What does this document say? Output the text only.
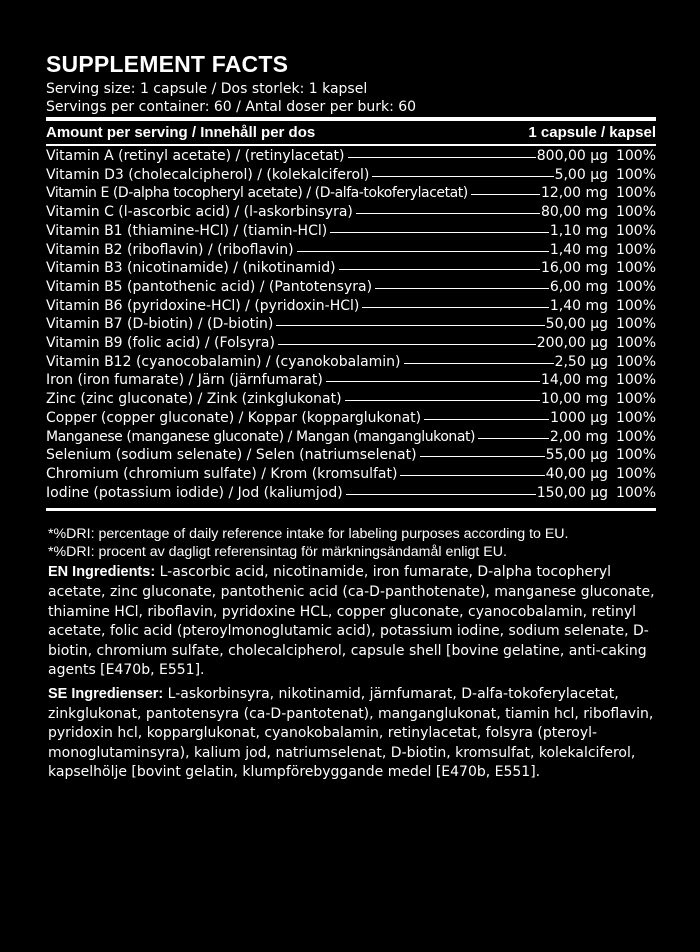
SUPPLEMENT FACTS
Serving size: 1 capsule / Dos storlek: 1 kapsel
Servings per container: 60 / Antal doser per burk: 60
Amount per serving / Innehåll per dos	1 capsule / kapsel
Vitamin A (retinyl acetate) / (retinylacetat)	800,00 µg 100%
Vitamin D3 (cholecalcipherol) / (kolekalciferol)	5,00 µg 100%
Vitamin E (D-alpha tocopheryl acetate) / (D-alfa-tokoferylacetat)	12,00 mg 100%
Vitamin C (l-ascorbic acid) / (l-askorbinsyra)	80,00 mg 100%
Vitamin B1 (thiamine-HCl) / (tiamin-HCl)	1,10 mg 100%
Vitamin B2 (riboflavin) / (riboflavin)	1,40 mg 100%
Vitamin B3 (nicotinamide) / (nikotinamid)	16,00 mg 100%
Vitamin B5 (pantothenic acid) / (Pantotensyra)	6,00 mg 100%
Vitamin B6 (pyridoxine-HCl) / (pyridoxin-HCl)	1,40 mg 100%
Vitamin B7 (D-biotin) / (D-biotin)	50,00 µg 100%
Vitamin B9 (folic acid) / (Folsyra)	200,00 µg 100%
Vitamin B12 (cyanocobalamin) / (cyanokobalamin)	2,50 µg 100%
Iron (iron fumarate) / Järn (järnfumarat)	14,00 mg 100%
Zinc (zinc gluconate) / Zink (zinkglukonat)	10,00 mg 100%
Copper (copper gluconate) / Koppar (kopparglukonat)	1000 µg 100%
Manganese (manganese gluconate) / Mangan (manganglukonat)	2,00 mg 100%
Selenium (sodium selenate) / Selen (natriumselenat)	55,00 µg 100%
Chromium (chromium sulfate) / Krom (kromsulfat)	40,00 µg 100%
Iodine (potassium iodide) / Jod (kaliumjod)	150,00 µg 100%
*%DRI: percentage of daily reference intake for labeling purposes according to EU.
*%DRI: procent av dagligt referensintag för märkningsändamål enligt EU.
EN Ingredients: L-ascorbic acid, nicotinamide, iron fumarate, D-alpha tocopheryl acetate, zinc gluconate, pantothenic acid (ca-D-panthotenate), manganese gluconate, thiamine HCl, riboflavin, pyridoxine HCL, copper gluconate, cyanocobalamin, retinyl acetate, folic acid (pteroylmonoglutamic acid), potassium iodine, sodium selenate, D-biotin, chromium sulfate, cholecalcipherol, capsule shell [bovine gelatine, anti-caking agents [E470b, E551].
SE Ingredienser: L-askorbinsyra, nikotinamid, järnfumarat, D-alfa-tokoferylacetat, zinkglukonat, pantotensyra (ca-D-pantotenat), manganglukonat, tiamin hcl, riboflavin, pyridoxin hcl, kopparglukonat, cyanokobalamin, retinylacetat, folsyra (pteroyl-monoglutaminsyra), kalium jod, natriumselenat, D-biotin, kromsulfat, kolekalciferol, kapselhölje [bovint gelatin, klumpförebyggande medel [E470b, E551].
